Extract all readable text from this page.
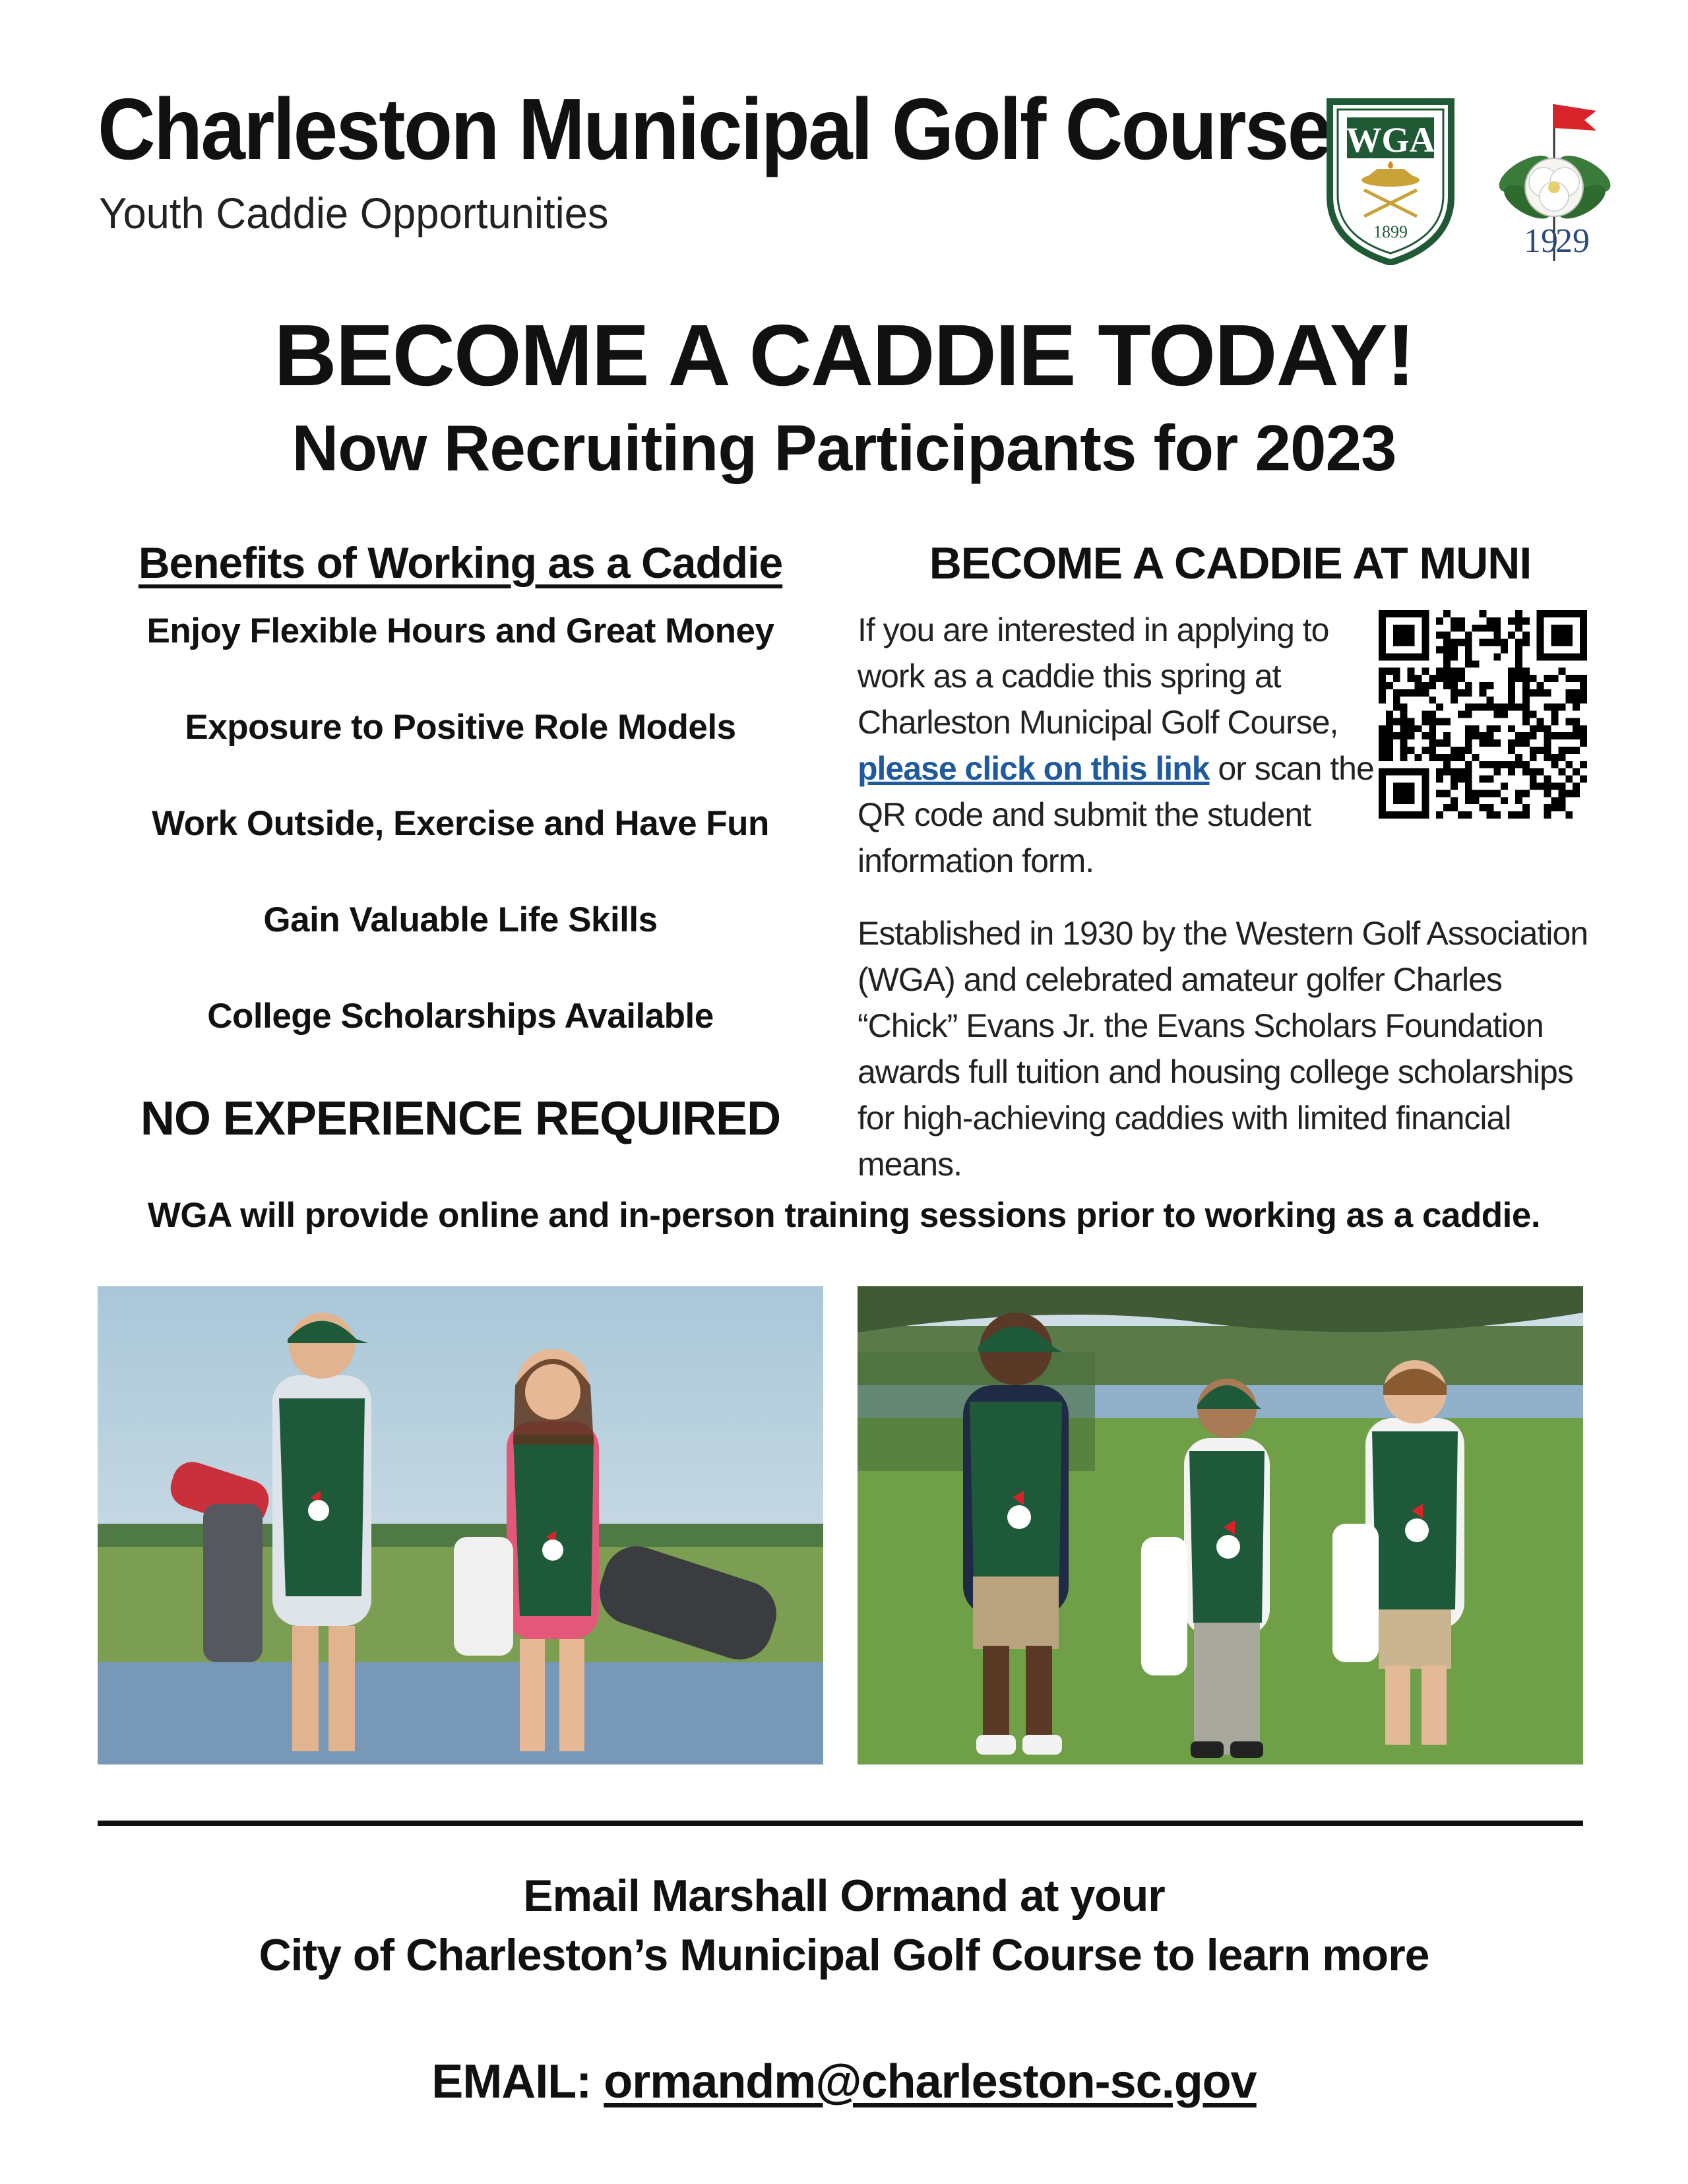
Charleston Municipal Golf Course

Youth Caddie Opportunities

WGA
1899	19
29
BECOME A CADDIE TODAY!
Now Recruiting Participants for 2023
Benefits of Working as a Caddie
Enjoy Flexible Hours and Great Money
Exposure to Positive Role Models
Work Outside, Exercise and Have Fun
Gain Valuable Life Skills
College Scholarships Available

NO EXPERIENCE REQUIRED

BECOME A CADDIE AT MUNI

If you are interested in applying to work as a caddie this spring at Charleston Municipal Golf Course, please click on this link or scan the QR code and submit the student information form.

Established in 1930 by the Western Golf Association (WGA) and celebrated amateur golfer Charles “Chick” Evans Jr. the Evans Scholars Foundation awards full tuition and housing college scholarships for high-achieving caddies with limited financial means.

WGA will provide online and in-person training sessions prior to working as a caddie.

Email Marshall Ormand at your

City of Charleston’s Municipal Golf Course to learn more

EMAIL: ormandm@charleston-sc.gov
